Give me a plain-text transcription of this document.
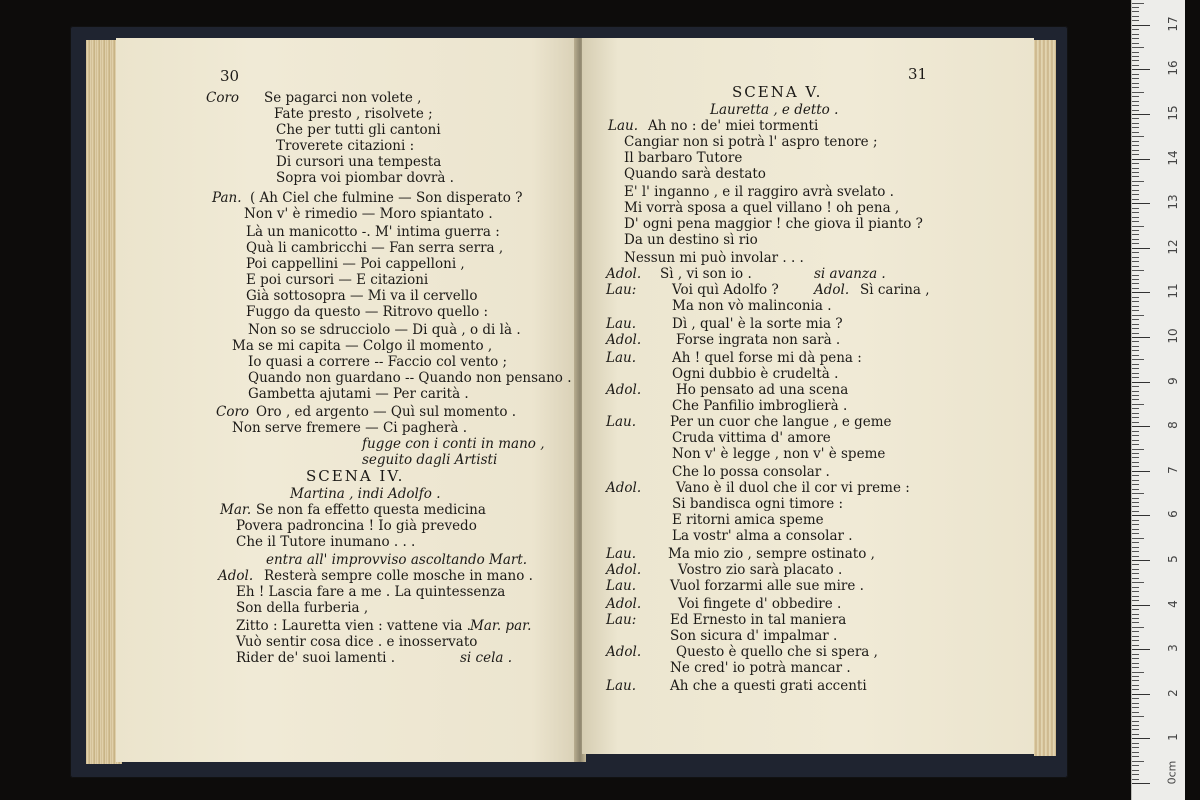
30
Coro Se pagarci non volete ,
Fate presto , risolvete ;
Che per tutti gli cantoni
Troverete citazioni :
Di cursori una tempesta
Sopra voi piombar dovrà .
Pan. ( Ah Ciel che fulmine — Son disperato ?
Non v' è rimedio — Moro spiantato .
Là un manicotto -. M' intima guerra :
Quà li cambricchi — Fan serra serra ,
Poi cappellini — Poi cappelloni ,
E poi cursori — E citazioni
Già sottosopra — Mi va il cervello
Fuggo da questo — Ritrovo quello :
Non so se sdrucciolo — Di quà , o di là .
Ma se mi capita — Colgo il momento ,
Io quasi a correre -- Faccio col vento ;
Quando non guardano -- Quando non pensano .
Gambetta ajutami — Per carità .
Coro Oro , ed argento — Quì sul momento .
Non serve fremere — Ci pagherà .
fugge con i conti in mano ,
seguito dagli Artisti
SCENA IV.
Martina , indi Adolfo .
Mar. Se non fa effetto questa medicina
Povera padroncina ! Io già prevedo
Che il Tutore inumano . . .
entra all' improvviso ascoltando Mart.
Adol. Resterà sempre colle mosche in mano .
Eh ! Lascia fare a me . La quintessenza
Son della furberia ,
Zitto : Lauretta vien : vattene via . Mar. par.
Vuò sentir cosa dice . e inosservato
Rider de' suoi lamenti .	si cela .
31
SCENA V.
Lauretta , e detto .
Lau. Ah no : de' miei tormenti
Cangiar non si potrà l' aspro tenore ;
Il barbaro Tutore
Quando sarà destato
E' l' inganno , e il raggiro avrà svelato .
Mi vorrà sposa a quel villano ! oh pena ,
D' ogni pena maggior ! che giova il pianto ?
Da un destino sì rio
Nessun mi può involar . . .
Adol. Sì , vi son io .	si avanza .
Lau:	Voi quì Adolfo ?	Adol. Sì carina ,
Ma non vò malinconia .
Lau.	Dì , qual' è la sorte mia ?
Adol.	Forse ingrata non sarà .
Lau.	Ah ! quel forse mi dà pena :
Ogni dubbio è crudeltà .
Adol.	Ho pensato ad una scena
Che Panfilio imbroglierà .
Lau.	Per un cuor che langue , e geme
Cruda vittima d' amore
Non v' è legge , non v' è speme
Che lo possa consolar .
Adol.	Vano è il duol che il cor vi preme :
Si bandisca ogni timore :
E ritorni amica speme
La vostr' alma a consolar .
Lau. Ma mio zio , sempre ostinato ,
Adol.	Vostro zio sarà placato .
Lau.	Vuol forzarmi alle sue mire .
Adol.	Voi fingete d' obbedire .
Lau: Ed Ernesto in tal maniera
Son sicura d' impalmar .
Adol.	Questo è quello che si spera ,
Ne cred' io potrà mancar .
Lau.	Ah che a questi grati accenti
0cm
1
2
3
4
5
6
7
8
9
10
11
12
13
14
15
16
17
